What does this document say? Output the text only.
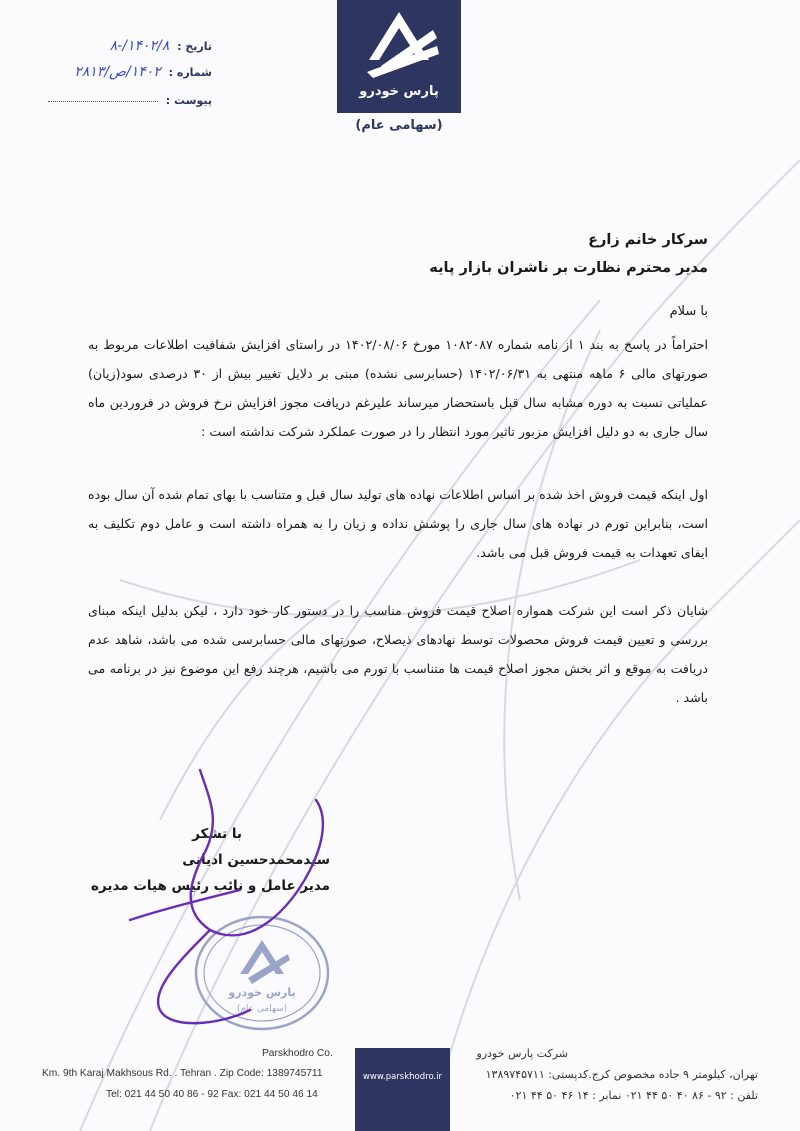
تاریخ : ۱۴۰۲/۸/-۸
شماره : ۱۴۰۲/ص/۲۸۱۳
پیوست :
پارس خودرو
(سهامی عام)
سرکار خانم زارع
مدیر محترم نظارت بر ناشران بازار پایه
با سلام
احتراماً در پاسخ به بند ۱ از نامه شماره ۱۰۸۲۰۸۷ مورخ ۱۴۰۲/۰۸/۰۶ در راستای افزایش شفافیت اطلاعات مربوط به صورتهای مالی ۶ ماهه منتهی به ۱۴۰۲/۰۶/۳۱ (حسابرسی نشده) مبنی بر دلایل تغییر بیش از ۳۰ درصدی سود(زیان) عملیاتی نسبت به دوره مشابه سال قبل باستحضار میرساند علیرغم دریافت مجوز افزایش نرخ فروش در فروردین ماه سال جاری به دو دلیل افزایش مزبور تاثیر مورد انتظار را در صورت عملکرد شرکت نداشته است :
اول اینکه قیمت فروش اخذ شده بر اساس اطلاعات نهاده های تولید سال قبل و متناسب با بهای تمام شده آن سال بوده است، بنابراین تورم در نهاده های سال جاری را پوشش نداده و زیان را به همراه داشته است و عامل دوم تکلیف به ایفای تعهدات به قیمت فروش قبل می باشد.
شایان ذکر است این شرکت همواره اصلاح قیمت فروش مناسب را در دستور کار خود دارد ، لیکن بدلیل اینکه مبنای بررسی و تعیین قیمت فروش محصولات توسط نهادهای ذیصلاح، صورتهای مالی حسابرسی شده می باشد، شاهد عدم دریافت به موقع و اثر بخش مجوز اصلاح قیمت ها متناسب با تورم می باشیم، هرچند رفع این موضوع نیز در برنامه می باشد .
با تشکر
سیدمحمدحسین ادیانی
مدیر عامل و نائب رئیس هیات مدیره
پارس خودرو
(سهامی عام)
Parskhodro Co.
Km. 9th Karaj Makhsous Rd. . Tehran . Zip Code: 1389745711
Tel: 021 44 50 40 86 - 92 Fax: 021 44 50 46 14
www.parskhodro.ir
شرکت پارس خودرو
تهران، کیلومتر ۹ جاده مخصوص کرج.کدپستی: ۱۳۸۹۷۴۵۷۱۱
تلفن : ۹۲ - ۸۶ ۴۰ ۵۰ ۴۴ ۰۲۱ نمابر : ۱۴ ۴۶ ۵۰ ۴۴ ۰۲۱
